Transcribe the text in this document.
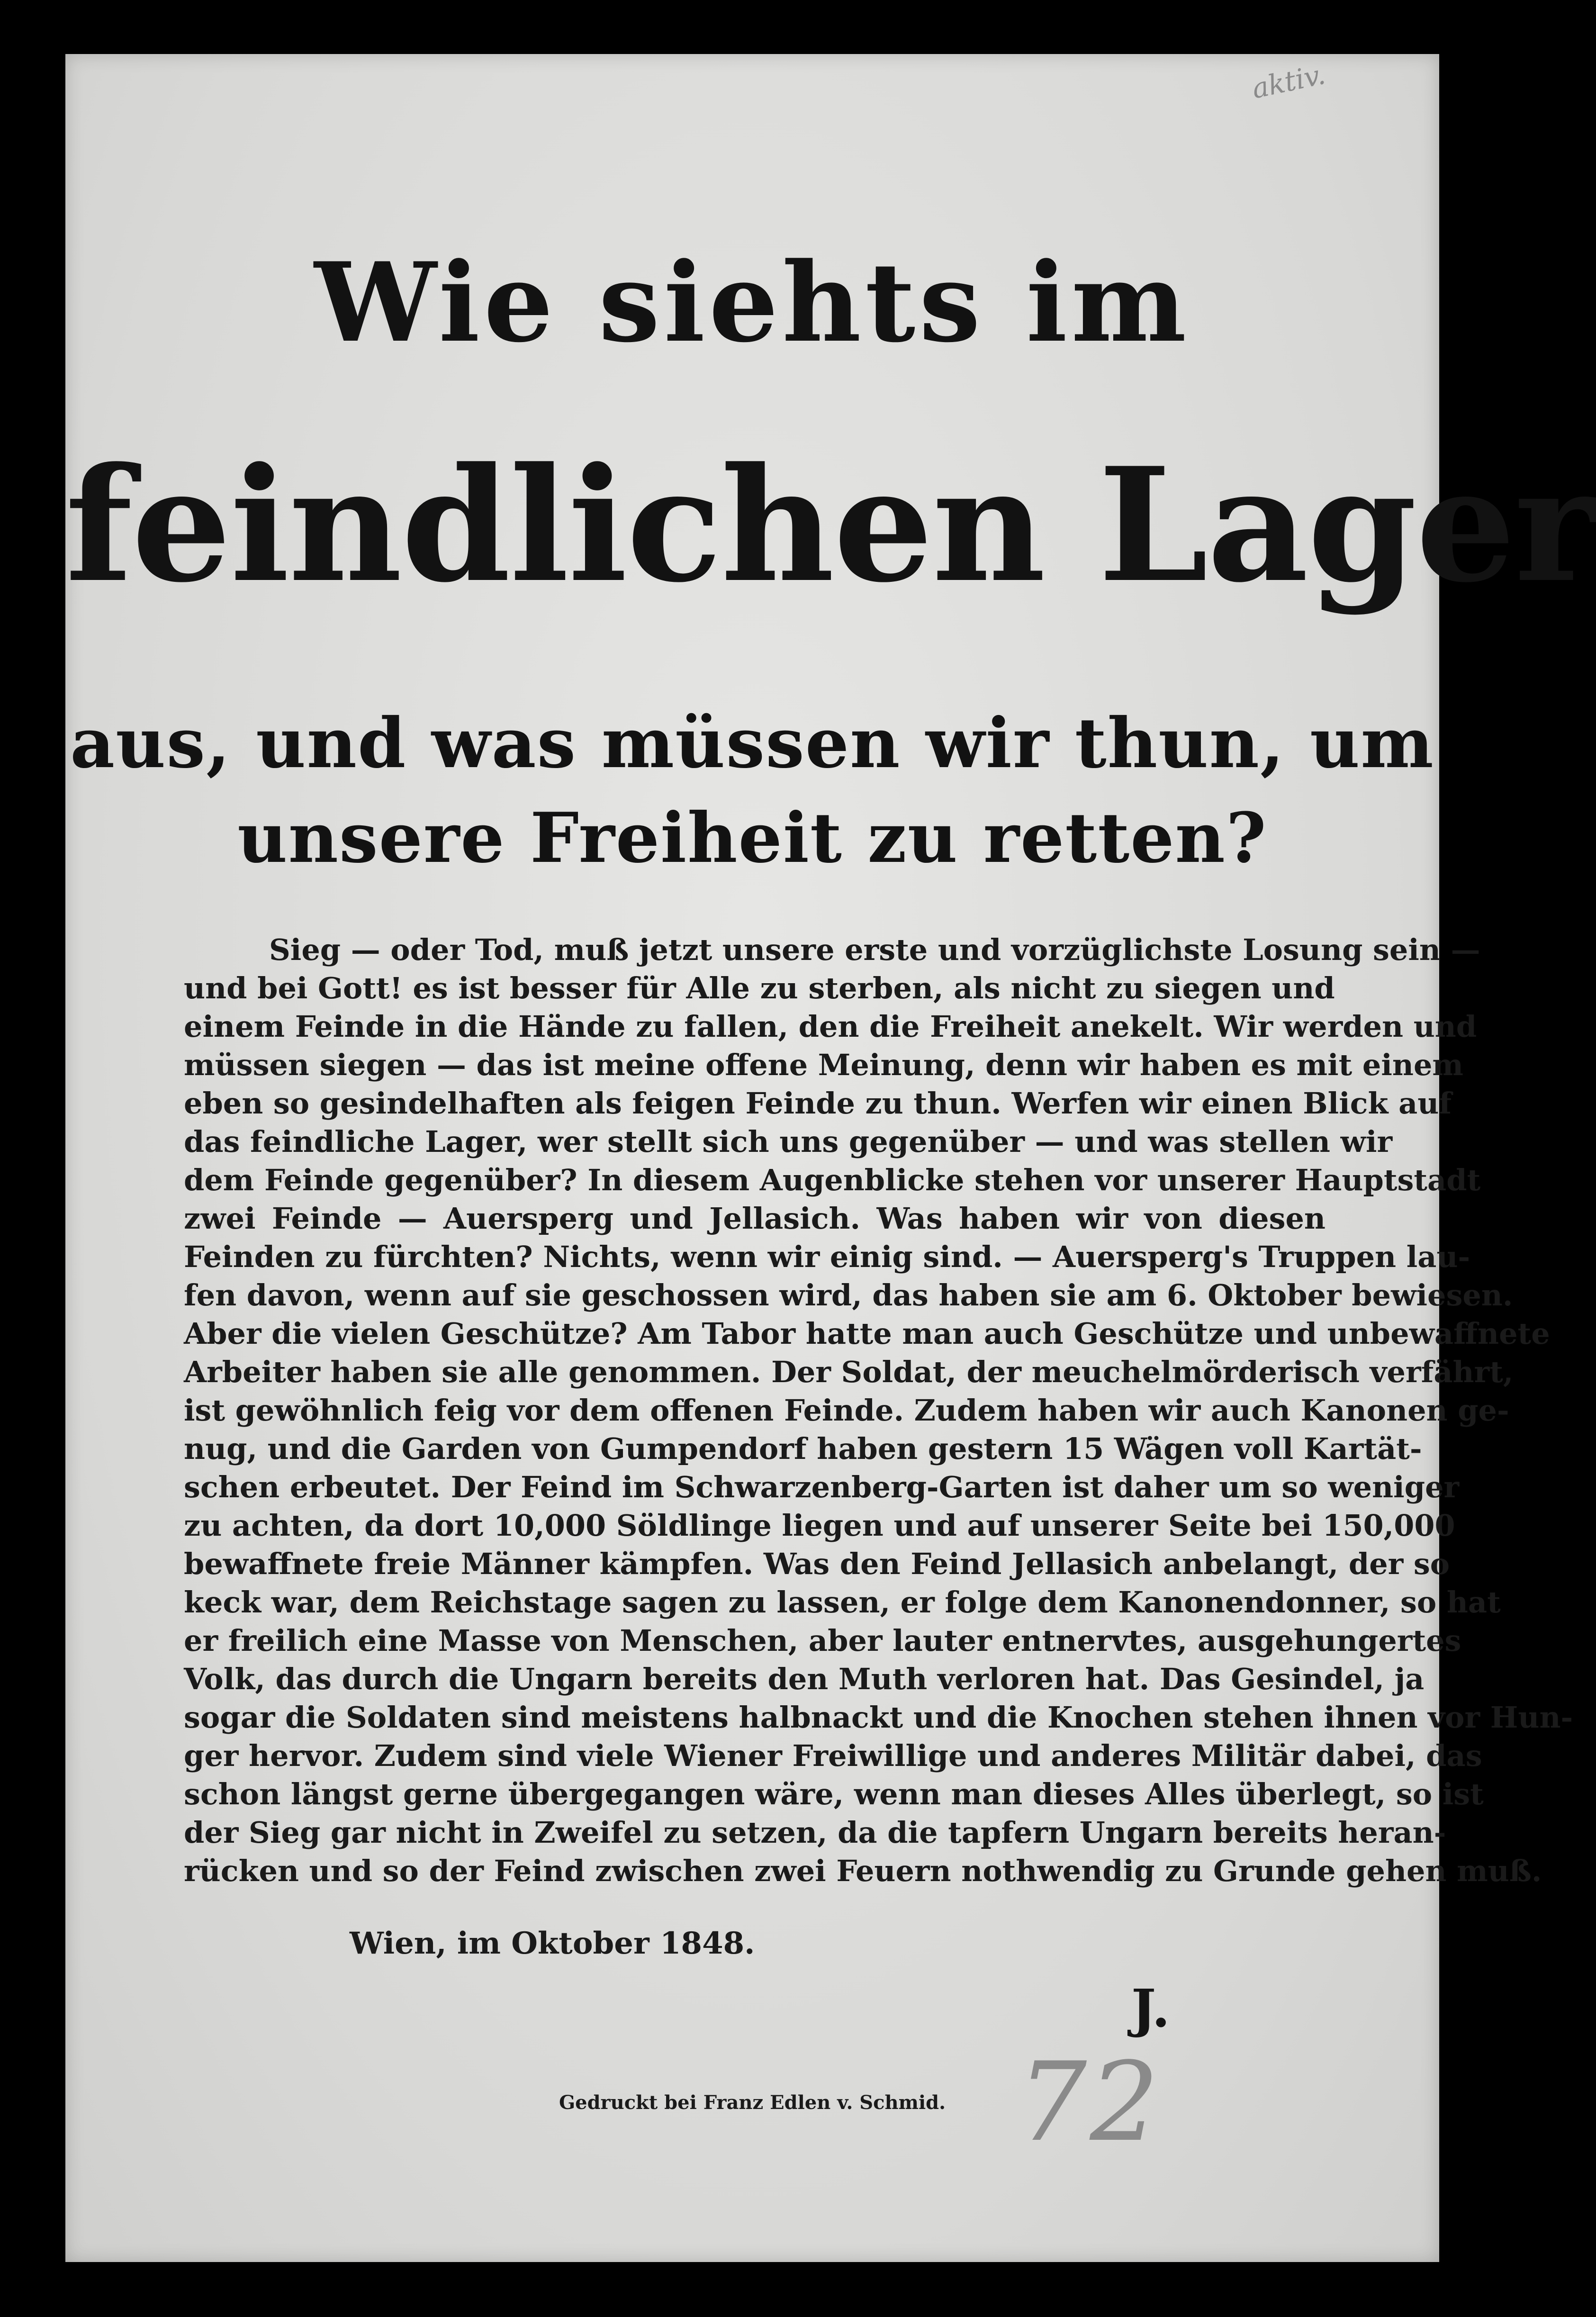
aktiv.
Wie siehts im
feindlichen Lager
aus, und was müssen wir thun, um
unsere Freiheit zu retten?
Sieg — oder Tod, muß jetzt unsere erste und vorzüglichste Losung sein —
und bei Gott! es ist besser für Alle zu sterben, als nicht zu siegen und
einem Feinde in die Hände zu fallen, den die Freiheit anekelt. Wir werden und
müssen siegen — das ist meine offene Meinung, denn wir haben es mit einem
eben so gesindelhaften als feigen Feinde zu thun. Werfen wir einen Blick auf
das feindliche Lager, wer stellt sich uns gegenüber — und was stellen wir
dem Feinde gegenüber? In diesem Augenblicke stehen vor unserer Hauptstadt
zwei Feinde — Auersperg und Jellasich. Was haben wir von diesen
Feinden zu fürchten? Nichts, wenn wir einig sind. — Auersperg's Truppen lau-
fen davon, wenn auf sie geschossen wird, das haben sie am 6. Oktober bewiesen.
Aber die vielen Geschütze? Am Tabor hatte man auch Geschütze und unbewaffnete
Arbeiter haben sie alle genommen. Der Soldat, der meuchelmörderisch verfährt,
ist gewöhnlich feig vor dem offenen Feinde. Zudem haben wir auch Kanonen ge-
nug, und die Garden von Gumpendorf haben gestern 15 Wägen voll Kartät-
schen erbeutet. Der Feind im Schwarzenberg-Garten ist daher um so weniger
zu achten, da dort 10,000 Söldlinge liegen und auf unserer Seite bei 150,000
bewaffnete freie Männer kämpfen. Was den Feind Jellasich anbelangt, der so
keck war, dem Reichstage sagen zu lassen, er folge dem Kanonendonner, so hat
er freilich eine Masse von Menschen, aber lauter entnervtes, ausgehungertes
Volk, das durch die Ungarn bereits den Muth verloren hat. Das Gesindel, ja
sogar die Soldaten sind meistens halbnackt und die Knochen stehen ihnen vor Hun-
ger hervor. Zudem sind viele Wiener Freiwillige und anderes Militär dabei, das
schon längst gerne übergegangen wäre, wenn man dieses Alles überlegt, so ist
der Sieg gar nicht in Zweifel zu setzen, da die tapfern Ungarn bereits heran-
rücken und so der Feind zwischen zwei Feuern nothwendig zu Grunde gehen muß.
Wien, im Oktober 1848.
J.
Gedruckt bei Franz Edlen v. Schmid. 72
